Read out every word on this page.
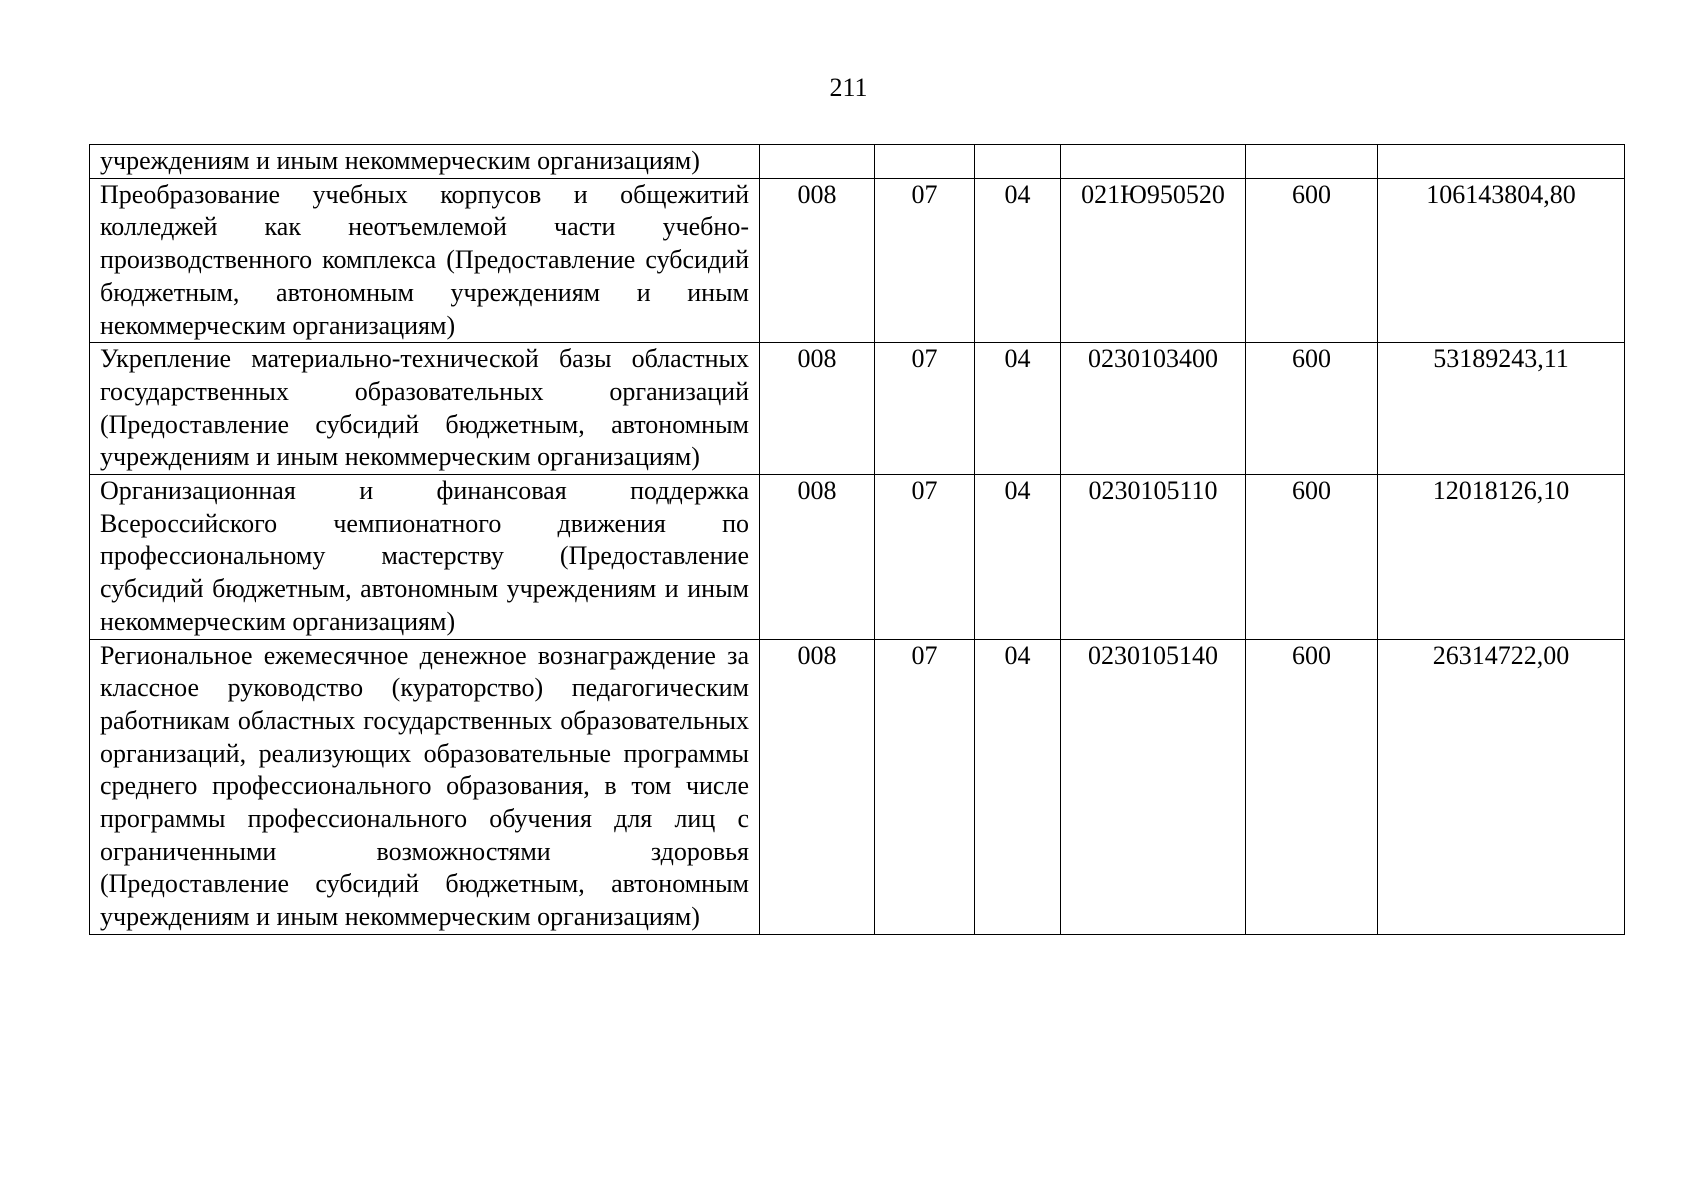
211
учреждениям и иным некоммерческим организациям)						
Преобразование учебных корпусов и общежитий колледжей как неотъемлемой части учебно-производственного комплекса (Предоставление субсидий бюджетным, автономным учреждениям и иным некоммерческим организациям)	008	07	04	021Ю950520	600	106143804,80
Укрепление материально-технической базы областных государственных образовательных организаций (Предоставление субсидий бюджетным, автономным учреждениям и иным некоммерческим организациям)	008	07	04	0230103400	600	53189243,11
Организационная и финансовая поддержка Всероссийского чемпионатного движения по профессиональному мастерству (Предоставление субсидий бюджетным, автономным учреждениям и иным некоммерческим организациям)	008	07	04	0230105110	600	12018126,10
Региональное ежемесячное денежное вознаграждение за классное руководство (кураторство) педагогическим работникам областных государственных образовательных организаций, реализующих образовательные программы среднего профессионального образования, в том числе программы профессионального обучения для лиц с ограниченными возможностями здоровья (Предоставление субсидий бюджетным, автономным учреждениям и иным некоммерческим организациям)	008	07	04	0230105140	600	26314722,00
